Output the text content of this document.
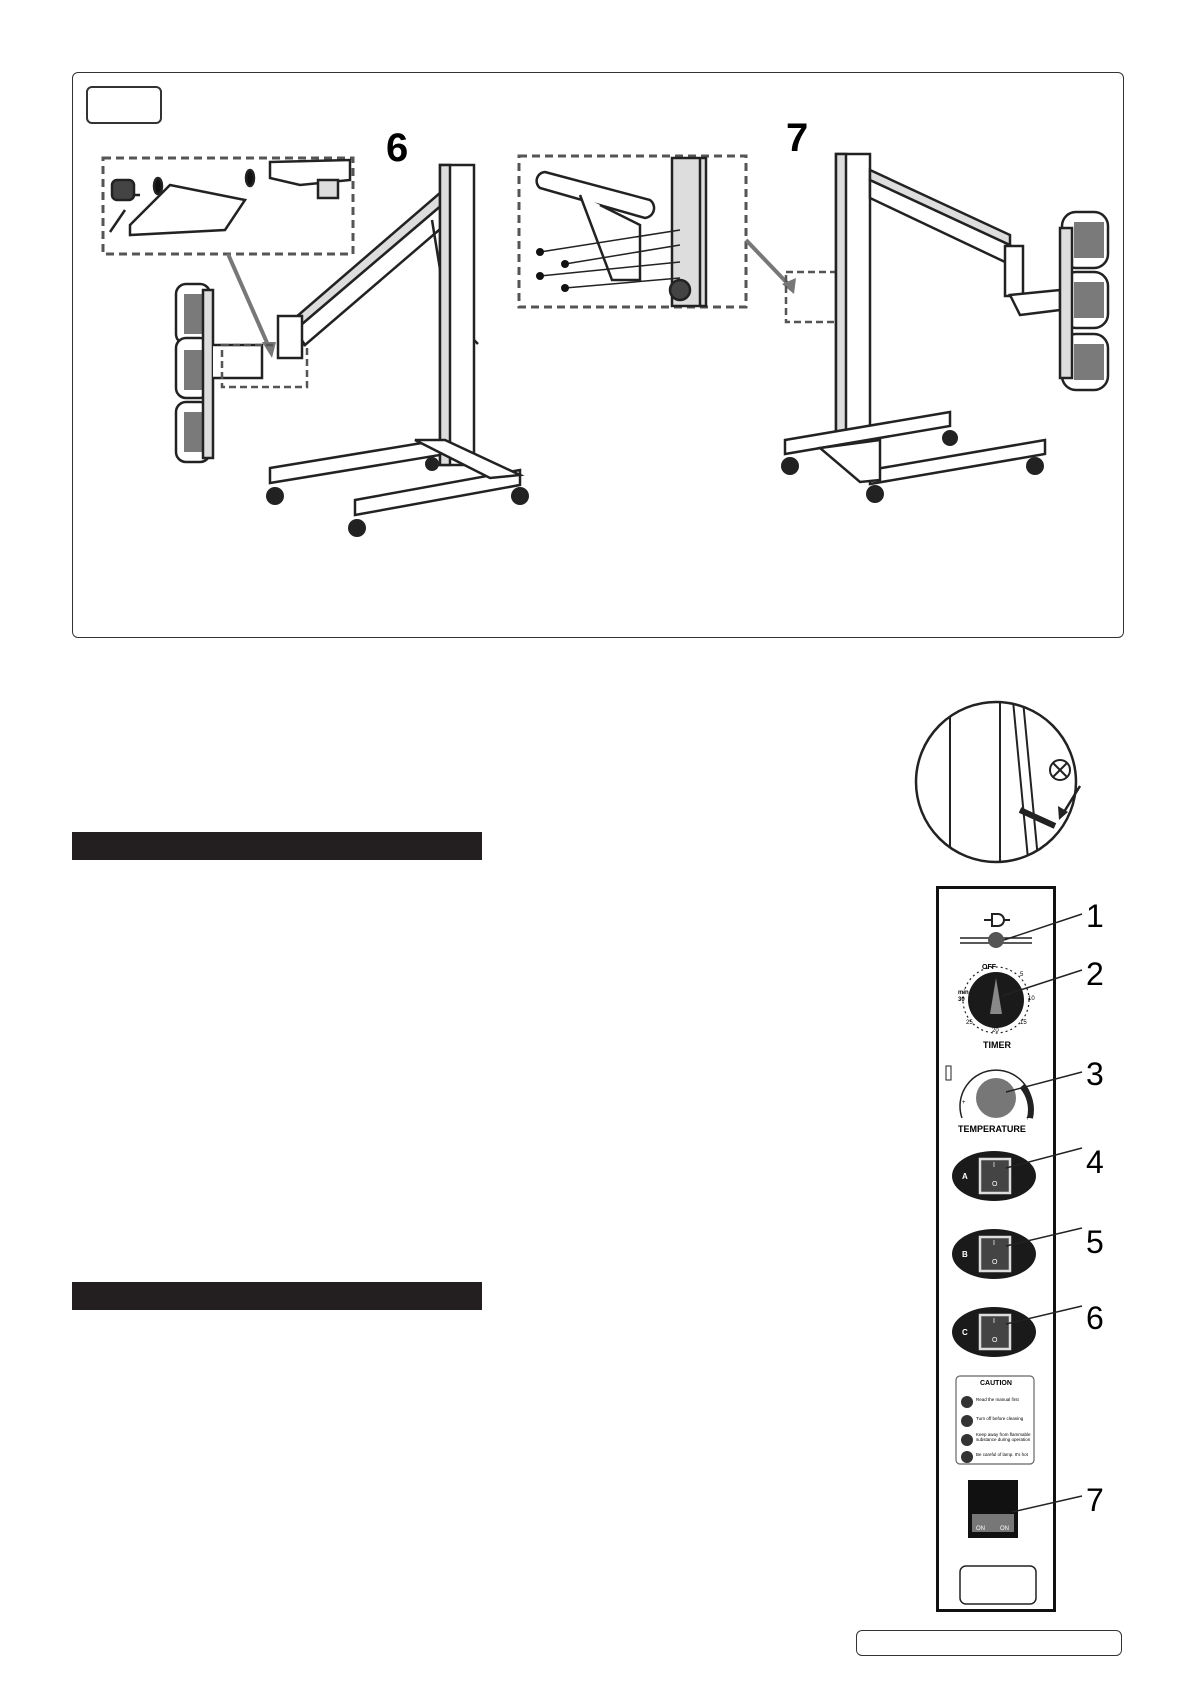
6	7
1
2
3
4
5
6
7
OFF
min
5
10
15
20
25
30
TIMER
+
+
TEMPERATURE
A
I
O
B
I
O
C
I
O
CAUTION
Read the manual first
Turn off before cleaning
Keep away from flammable substance during operation
Be careful of lamp. It's hot
ON	ON
